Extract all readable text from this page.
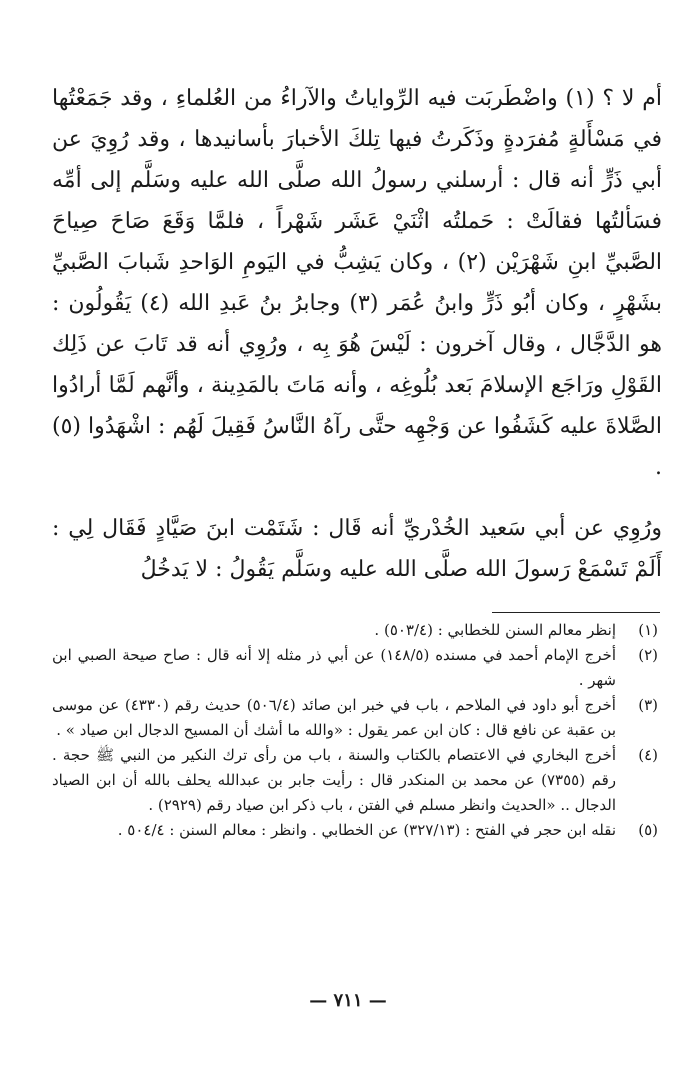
أم لا ؟ (١) واضْطَربَت فيه الرِّواياتُ والآراءُ من العُلماءِ ، وقد جَمَعْتُها في مَسْأَلةٍ مُفرَدةٍ وذَكَرتُ فيها تِلكَ الأخبارَ بأسانيدها ، وقد رُوِيَ عن أبي ذَرٍّ أنه قال : أرسلني رسولُ الله صلَّى الله عليه وسَلَّم إلى أمِّه فسَألتُها فقالَتْ : حَملتُه اثْنَيْ عَشَر شَهْراً ، فلمَّا وَقَعَ صَاحَ صِياحَ الصَّبيِّ ابنِ شَهْرَيْن (٢) ، وكان يَشِبُّ في اليَومِ الوَاحدِ شَبابَ الصَّبيِّ بشَهْرٍ ، وكان أبُو ذَرٍّ وابنُ عُمَر (٣) وجابرُ بنُ عَبدِ الله (٤) يَقُولُون : هو الدَّجَّال ، وقال آخرون : لَيْسَ هُوَ بِه ، ورُوِي أنه قد تَابَ عن ذَلِك القَوْلِ ورَاجَع الإسلامَ بَعد بُلُوغِه ، وأنه مَاتَ بالمَدِينة ، وأنَّهم لَمَّا أرادُوا الصَّلاةَ عليه كَشَفُوا عن وَجْهِه حتَّى رآهُ النَّاسُ فَقِيلَ لَهُم : اشْهَدُوا (٥) .

ورُوِي عن أبي سَعيد الخُدْريِّ أنه قَال : شَتَمْت ابنَ صَيَّادٍ فَقَال لِي : أَلَمْ تَسْمَعْ رَسولَ الله صلَّى الله عليه وسَلَّم يَقُولُ : لا يَدخُلُ

(١)
إنظر معالم السنن للخطابي : (٥٠٣/٤) .
(٢)
أخرج الإمام أحمد في مسنده (١٤٨/٥) عن أبي ذر مثله إلا أنه قال : صاح صيحة الصبي ابن شهر .
(٣)
أخرج أبو داود في الملاحم ، باب في خبر ابن صائد (٥٠٦/٤) حديث رقم (٤٣٣٠) عن موسى بن عقبة عن نافع قال : كان ابن عمر يقول : «والله ما أشك أن المسيح الدجال ابن صياد » .
(٤)
أخرج البخاري في الاعتصام بالكتاب والسنة ، باب من رأى ترك النكير من النبي ﷺ حجة . رقم (٧٣٥٥) عن محمد بن المنكدر قال : رأيت جابر بن عبدالله يحلف بالله أن ابن الصياد الدجال .. «الحديث وانظر مسلم في الفتن ، باب ذكر ابن صياد رقم (٢٩٢٩) .
(٥)
نقله ابن حجر في الفتح : (٣٢٧/١٣) عن الخطابي . وانظر : معالم السنن : ٥٠٤/٤ .
— ٧١١ —
